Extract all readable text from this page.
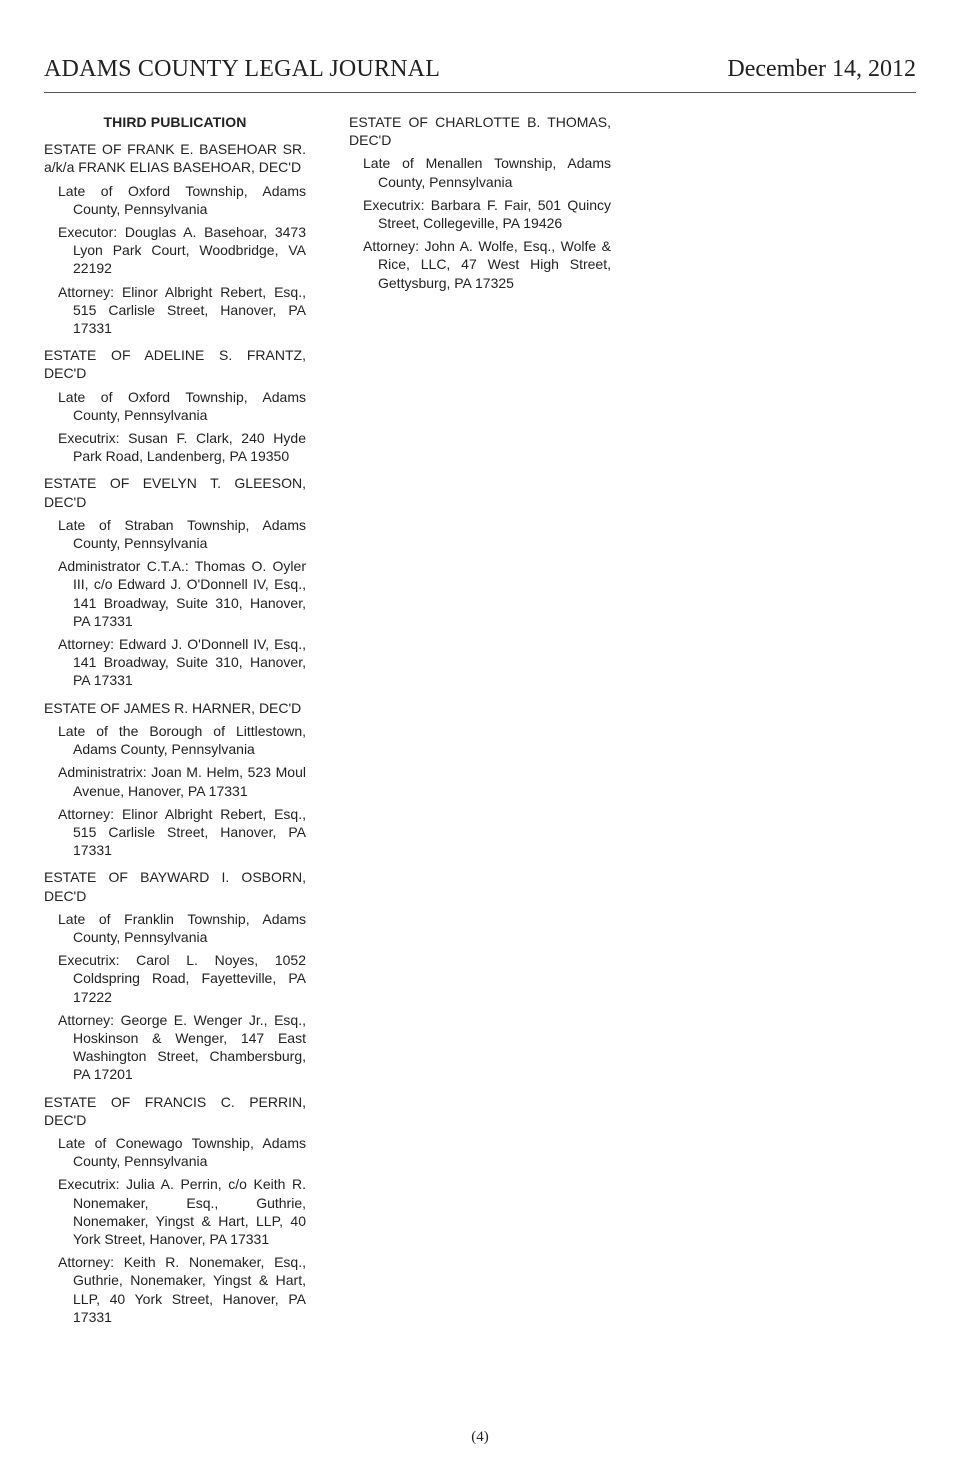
ADAMS COUNTY LEGAL JOURNAL	December 14, 2012
THIRD PUBLICATION
ESTATE OF FRANK E. BASEHOAR SR. a/k/a FRANK ELIAS BASEHOAR, DEC'D
Late of Oxford Township, Adams County, Pennsylvania
Executor: Douglas A. Basehoar, 3473 Lyon Park Court, Woodbridge, VA 22192
Attorney: Elinor Albright Rebert, Esq., 515 Carlisle Street, Hanover, PA 17331
ESTATE OF ADELINE S. FRANTZ, DEC'D
Late of Oxford Township, Adams County, Pennsylvania
Executrix: Susan F. Clark, 240 Hyde Park Road, Landenberg, PA 19350
ESTATE OF EVELYN T. GLEESON, DEC'D
Late of Straban Township, Adams County, Pennsylvania
Administrator C.T.A.: Thomas O. Oyler III, c/o Edward J. O'Donnell IV, Esq., 141 Broadway, Suite 310, Hanover, PA 17331
Attorney: Edward J. O'Donnell IV, Esq., 141 Broadway, Suite 310, Hanover, PA 17331
ESTATE OF JAMES R. HARNER, DEC'D
Late of the Borough of Littlestown, Adams County, Pennsylvania
Administratrix: Joan M. Helm, 523 Moul Avenue, Hanover, PA 17331
Attorney: Elinor Albright Rebert, Esq., 515 Carlisle Street, Hanover, PA 17331
ESTATE OF BAYWARD I. OSBORN, DEC'D
Late of Franklin Township, Adams County, Pennsylvania
Executrix: Carol L. Noyes, 1052 Coldspring Road, Fayetteville, PA 17222
Attorney: George E. Wenger Jr., Esq., Hoskinson & Wenger, 147 East Washington Street, Chambersburg, PA 17201
ESTATE OF FRANCIS C. PERRIN, DEC'D
Late of Conewago Township, Adams County, Pennsylvania
Executrix: Julia A. Perrin, c/o Keith R. Nonemaker, Esq., Guthrie, Nonemaker, Yingst & Hart, LLP, 40 York Street, Hanover, PA 17331
Attorney: Keith R. Nonemaker, Esq., Guthrie, Nonemaker, Yingst & Hart, LLP, 40 York Street, Hanover, PA 17331
ESTATE OF CHARLOTTE B. THOMAS, DEC'D
Late of Menallen Township, Adams County, Pennsylvania
Executrix: Barbara F. Fair, 501 Quincy Street, Collegeville, PA 19426
Attorney: John A. Wolfe, Esq., Wolfe & Rice, LLC, 47 West High Street, Gettysburg, PA 17325
(4)
